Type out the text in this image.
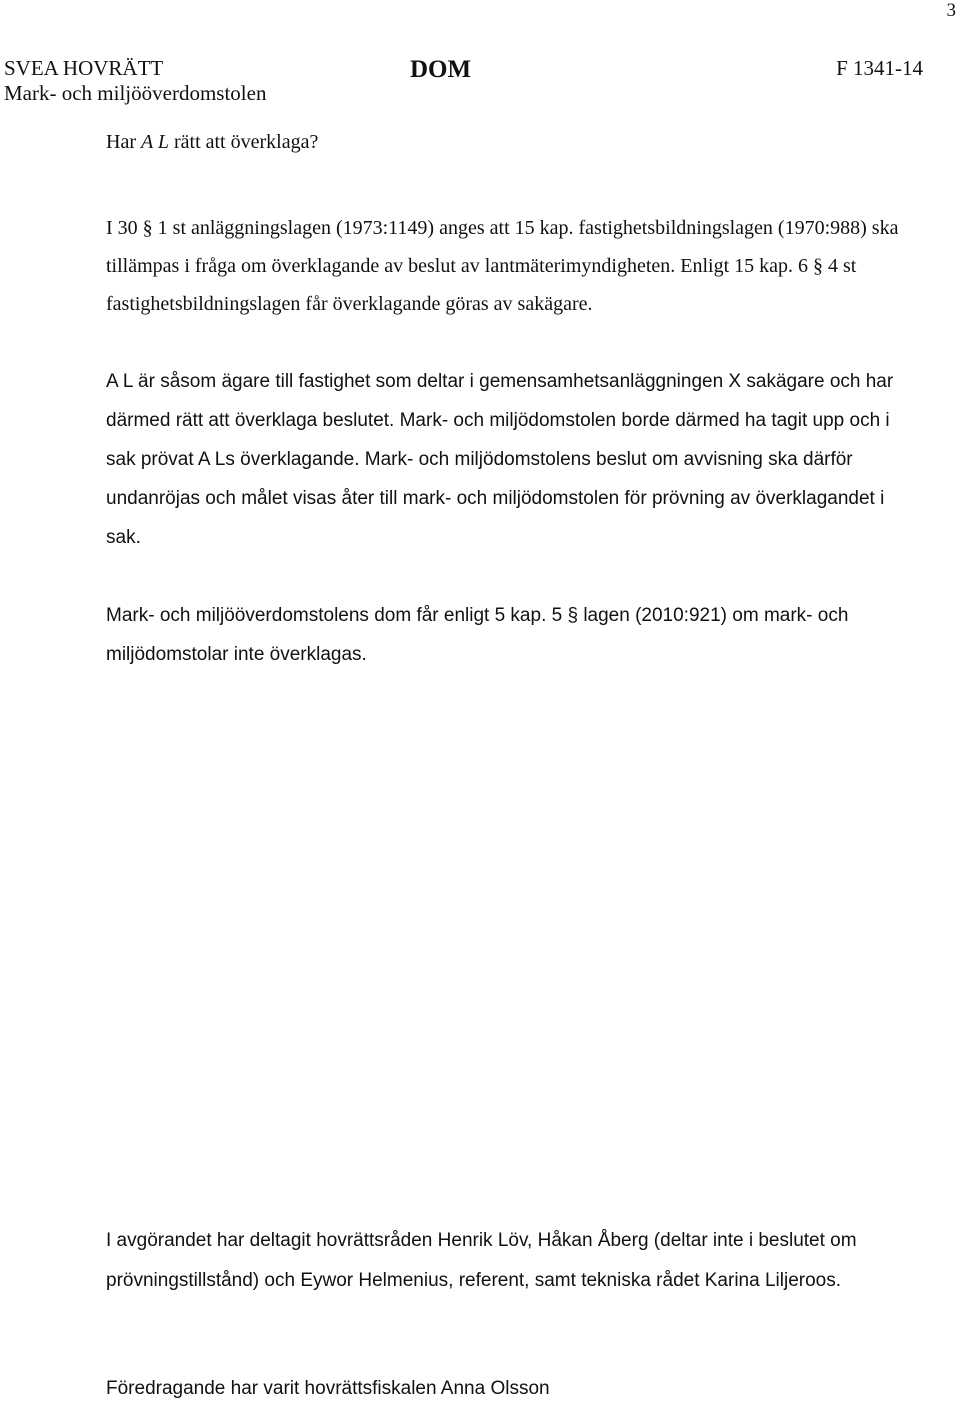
3
SVEA HOVRÄTT
Mark- och miljööverdomstolen
DOM	F 1341-14

Har A L rätt att överklaga?

I 30 § 1 st anläggningslagen (1973:1149) anges att 15 kap. fastighetsbildningslagen (1970:988) ska tillämpas i fråga om överklagande av beslut av lantmäterimyndigheten. Enligt 15 kap. 6 § 4 st fastighetsbildningslagen får överklagande göras av sakägare.

A L är såsom ägare till fastighet som deltar i gemensamhetsanläggningen X sakägare och har därmed rätt att överklaga beslutet. Mark- och miljödomstolen borde därmed ha tagit upp och i sak prövat A Ls överklagande. Mark- och miljödomstolens beslut om avvisning ska därför undanröjas och målet visas åter till mark- och miljödomstolen för prövning av överklagandet i sak.

Mark- och miljööverdomstolens dom får enligt 5 kap. 5 § lagen (2010:921) om mark- och miljödomstolar inte överklagas.

I avgörandet har deltagit hovrättsråden Henrik Löv, Håkan Åberg (deltar inte i beslutet om prövningstillstånd) och Eywor Helmenius, referent, samt tekniska rådet Karina Liljeroos.

Föredragande har varit hovrättsfiskalen Anna Olsson
